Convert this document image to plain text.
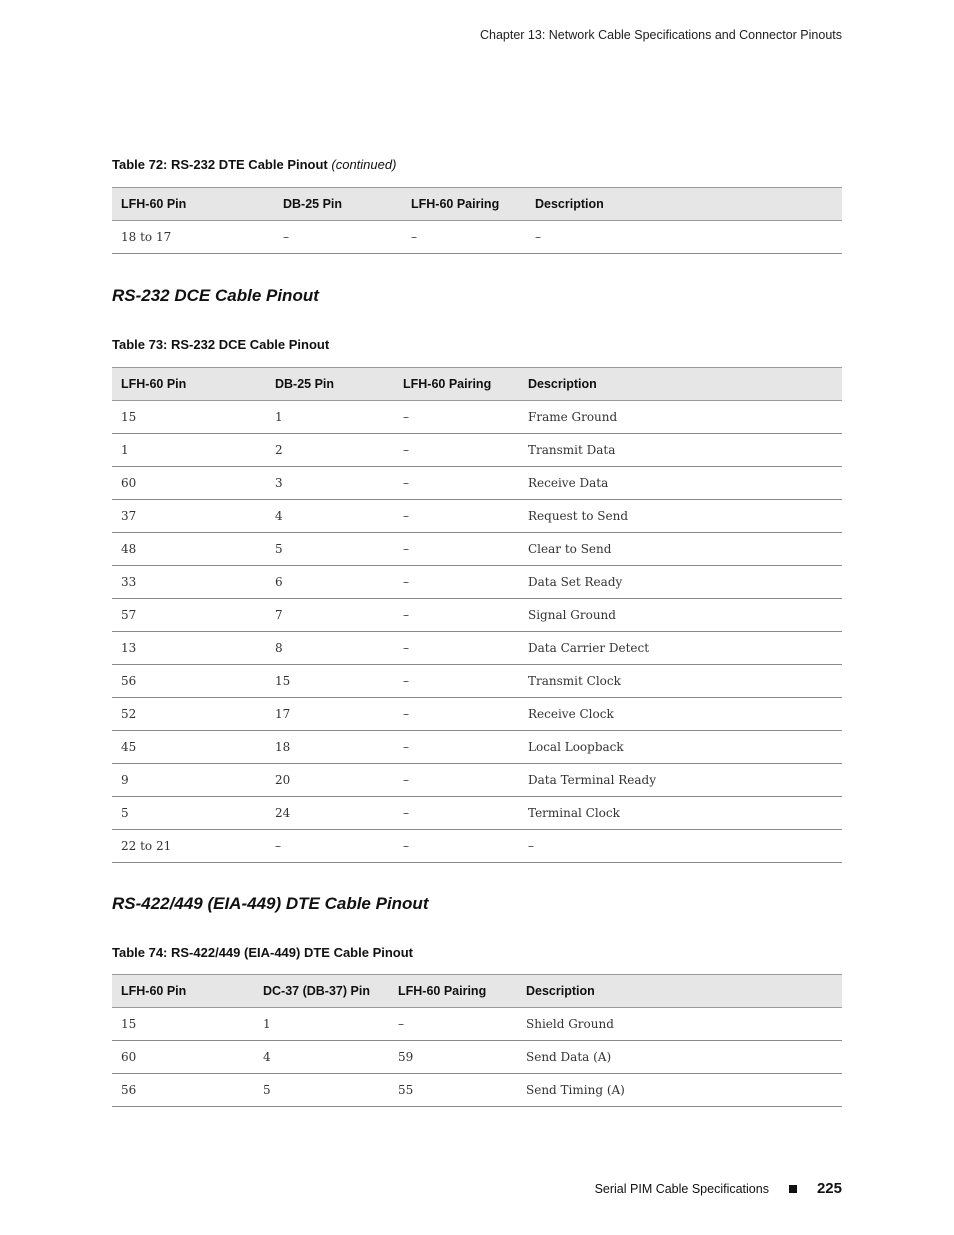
Chapter 13: Network Cable Specifications and Connector Pinouts
Table 72: RS-232 DTE Cable Pinout (continued)
LFH-60 Pin	DB-25 Pin	LFH-60 Pairing	Description
18 to 17	–	–	–
RS-232 DCE Cable Pinout
Table 73: RS-232 DCE Cable Pinout
LFH-60 Pin	DB-25 Pin	LFH-60 Pairing	Description
15	1	–	Frame Ground
1	2	–	Transmit Data
60	3	–	Receive Data
37	4	–	Request to Send
48	5	–	Clear to Send
33	6	–	Data Set Ready
57	7	–	Signal Ground
13	8	–	Data Carrier Detect
56	15	–	Transmit Clock
52	17	–	Receive Clock
45	18	–	Local Loopback
9	20	–	Data Terminal Ready
5	24	–	Terminal Clock
22 to 21	–	–	–
RS-422/449 (EIA-449) DTE Cable Pinout
Table 74: RS-422/449 (EIA-449) DTE Cable Pinout
LFH-60 Pin	DC-37 (DB-37) Pin	LFH-60 Pairing	Description
15	1	–	Shield Ground
60	4	59	Send Data (A)
56	5	55	Send Timing (A)
Serial PIM Cable Specifications	225
